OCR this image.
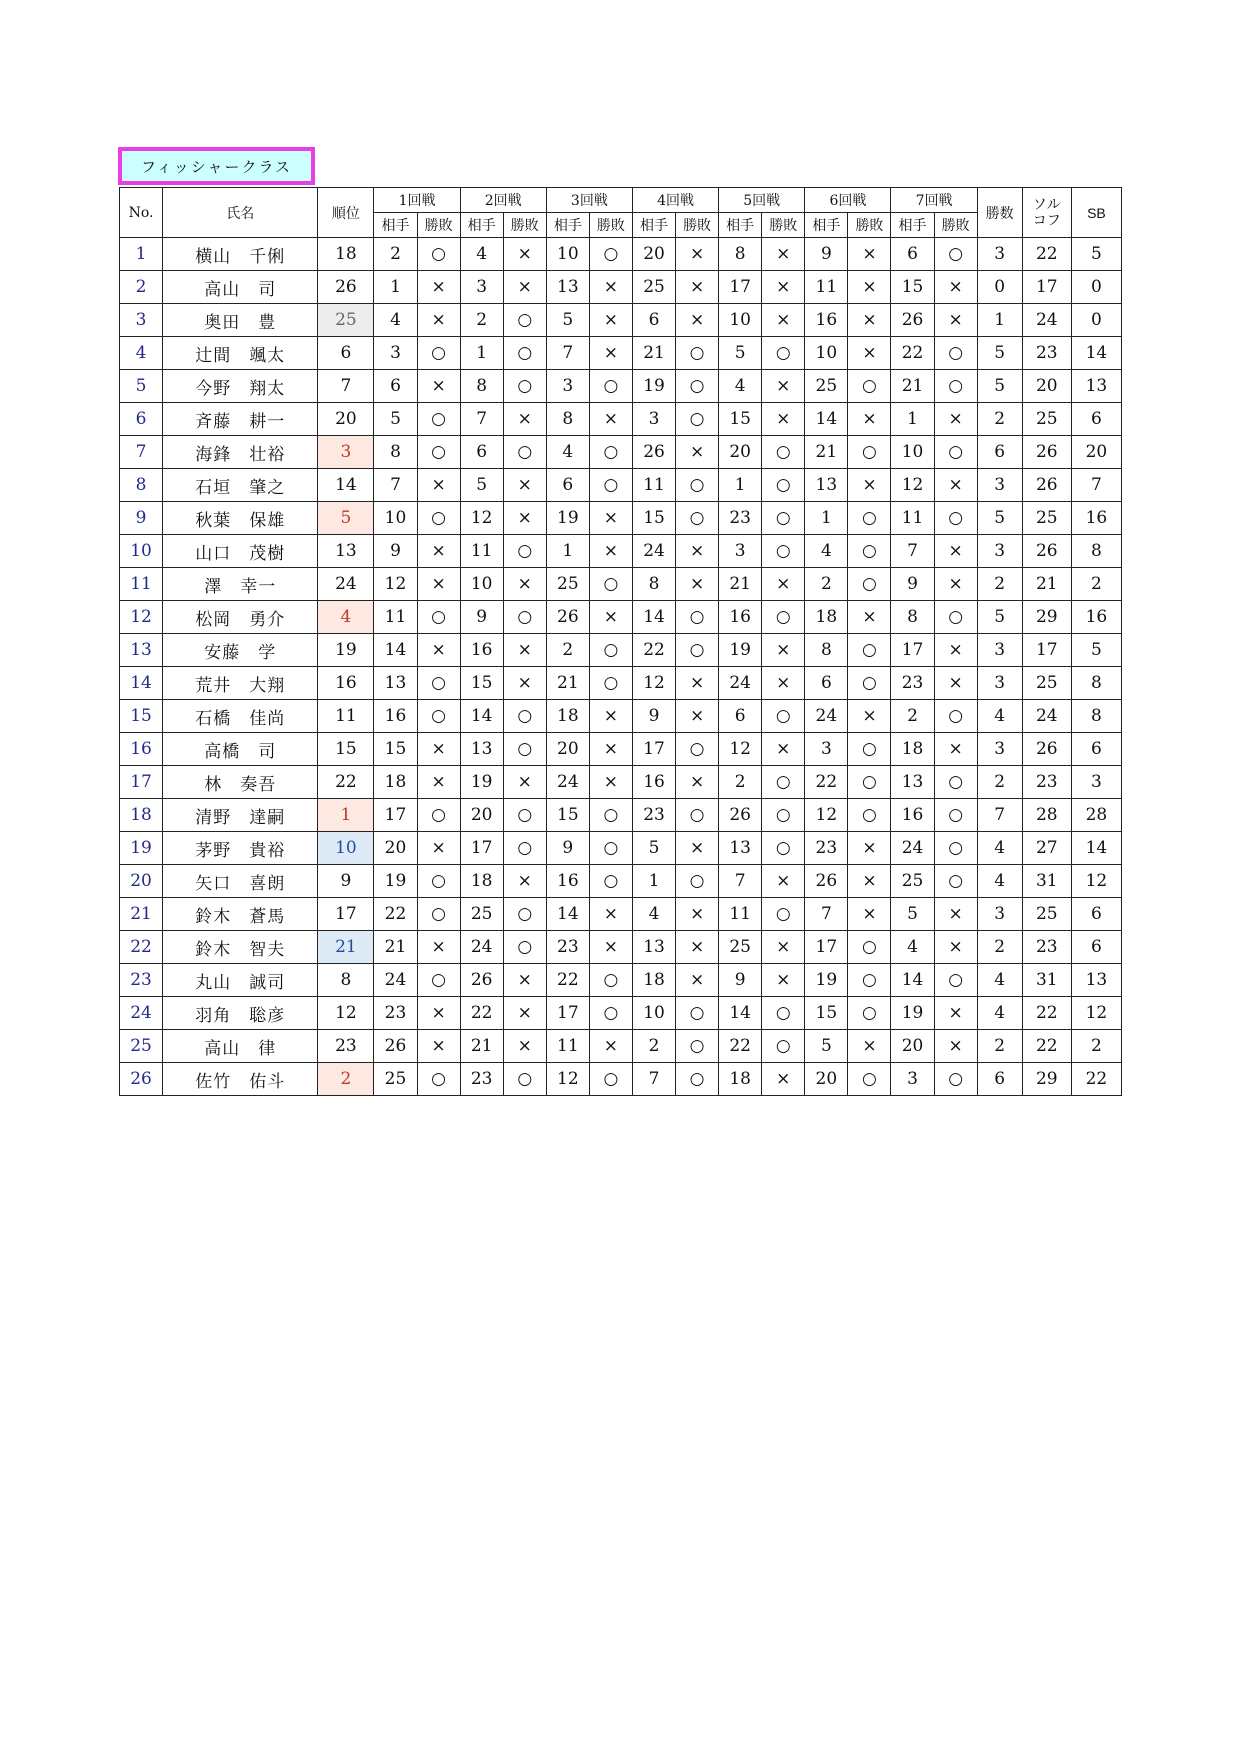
フィッシャークラス
No.	氏名	順位	1回戦		2回戦		3回戦		4回戦		5回戦		6回戦		7回戦		勝数	ソル
コフ	SB
			相手	勝敗	相手	勝敗	相手	勝敗	相手	勝敗	相手	勝敗	相手	勝敗	相手	勝敗			
1	横山　千俐	18	2	○	4	×	10	○	20	×	8	×	9	×	6	○	3	22	5
2	高山　司	26	1	×	3	×	13	×	25	×	17	×	11	×	15	×	0	17	0
3	奥田　豊	25	4	×	2	○	5	×	6	×	10	×	16	×	26	×	1	24	0
4	辻間　颯太	6	3	○	1	○	7	×	21	○	5	○	10	×	22	○	5	23	14
5	今野　翔太	7	6	×	8	○	3	○	19	○	4	×	25	○	21	○	5	20	13
6	斉藤　耕一	20	5	○	7	×	8	×	3	○	15	×	14	×	1	×	2	25	6
7	海鋒　壮裕	3	8	○	6	○	4	○	26	×	20	○	21	○	10	○	6	26	20
8	石垣　肇之	14	7	×	5	×	6	○	11	○	1	○	13	×	12	×	3	26	7
9	秋葉　保雄	5	10	○	12	×	19	×	15	○	23	○	1	○	11	○	5	25	16
10	山口　茂樹	13	9	×	11	○	1	×	24	×	3	○	4	○	7	×	3	26	8
11	澤　幸一	24	12	×	10	×	25	○	8	×	21	×	2	○	9	×	2	21	2
12	松岡　勇介	4	11	○	9	○	26	×	14	○	16	○	18	×	8	○	5	29	16
13	安藤　学	19	14	×	16	×	2	○	22	○	19	×	8	○	17	×	3	17	5
14	荒井　大翔	16	13	○	15	×	21	○	12	×	24	×	6	○	23	×	3	25	8
15	石橋　佳尚	11	16	○	14	○	18	×	9	×	6	○	24	×	2	○	4	24	8
16	高橋　司	15	15	×	13	○	20	×	17	○	12	×	3	○	18	×	3	26	6
17	林　奏吾	22	18	×	19	×	24	×	16	×	2	○	22	○	13	○	2	23	3
18	清野　達嗣	1	17	○	20	○	15	○	23	○	26	○	12	○	16	○	7	28	28
19	茅野　貴裕	10	20	×	17	○	9	○	5	×	13	○	23	×	24	○	4	27	14
20	矢口　喜朗	9	19	○	18	×	16	○	1	○	7	×	26	×	25	○	4	31	12
21	鈴木　蒼馬	17	22	○	25	○	14	×	4	×	11	○	7	×	5	×	3	25	6
22	鈴木　智夫	21	21	×	24	○	23	×	13	×	25	×	17	○	4	×	2	23	6
23	丸山　誠司	8	24	○	26	×	22	○	18	×	9	×	19	○	14	○	4	31	13
24	羽角　聡彦	12	23	×	22	×	17	○	10	○	14	○	15	○	19	×	4	22	12
25	高山　律	23	26	×	21	×	11	×	2	○	22	○	5	×	20	×	2	22	2
26	佐竹　佑斗	2	25	○	23	○	12	○	7	○	18	×	20	○	3	○	6	29	22
